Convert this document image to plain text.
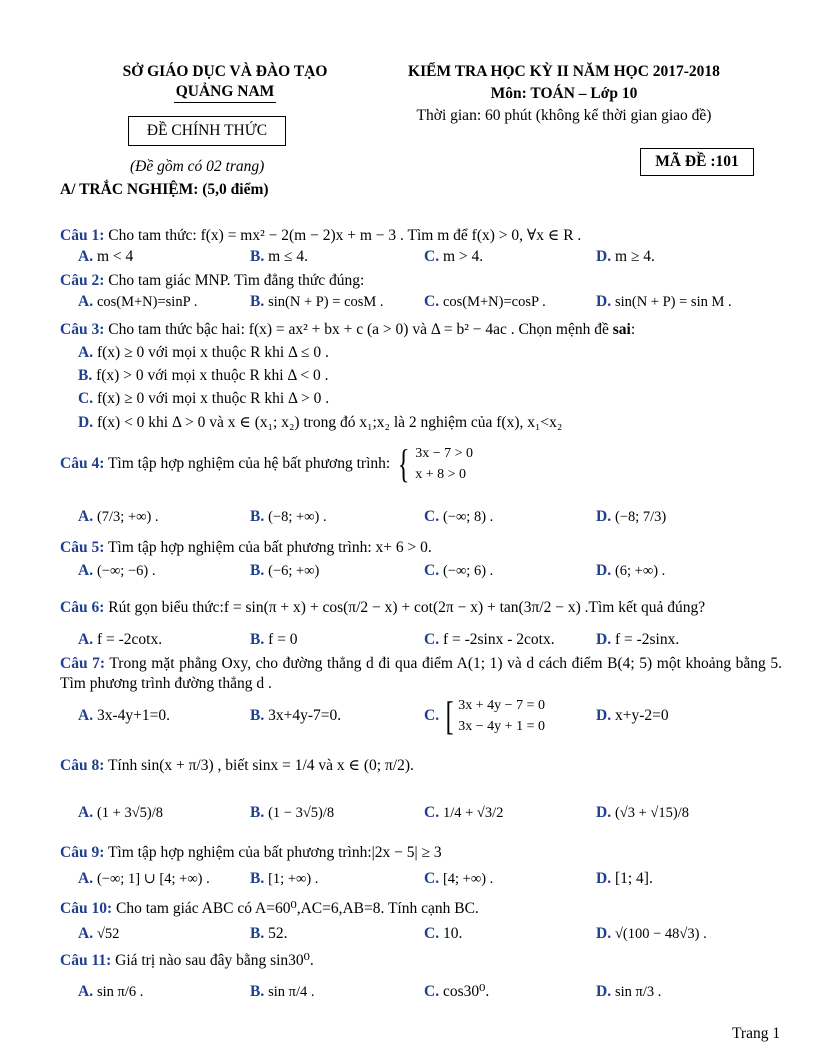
SỞ GIÁO DỤC VÀ ĐÀO TẠO
QUẢNG NAM
KIỂM TRA HỌC KỲ II NĂM HỌC 2017-2018
Môn: TOÁN – Lớp 10
Thời gian: 60 phút (không kể thời gian giao đề)
ĐỀ CHÍNH THỨC
(Đề gồm có 02 trang)	MÃ ĐỀ :101
A/ TRẮC NGHIỆM: (5,0 điểm)
Câu 1: Cho tam thức: f(x) = mx² − 2(m − 2)x + m − 3 . Tìm m để f(x) > 0, ∀x ∈ R .
A. m < 4	B. m ≤ 4.	C. m > 4.	D. m ≥ 4.
Câu 2: Cho tam giác MNP. Tìm đẳng thức đúng:
A. cos(M+N)=sinP .	B. sin(N + P) = cosM .	C. cos(M+N)=cosP .	D. sin(N + P) = sin M .
Câu 3: Cho tam thức bậc hai: f(x) = ax² + bx + c (a > 0) và Δ = b² − 4ac . Chọn mệnh đề sai:
A. f(x) ≥ 0 với mọi x thuộc R khi Δ ≤ 0 .
B. f(x) > 0 với mọi x thuộc R khi Δ < 0 .
C. f(x) ≥ 0 với mọi x thuộc R khi Δ > 0 .
D. f(x) < 0 khi Δ > 0 và x ∈ (x₁; x₂) trong đó x₁;x₂ là 2 nghiệm của f(x), x₁<x₂
Câu 4: Tìm tập hợp nghiệm của hệ bất phương trình: { 3x − 7 > 0
x + 8 > 0
A. (7/3; +∞) .	B. (−8; +∞) .	C. (−∞; 8) .	D. (−8; 7/3)
Câu 5: Tìm tập hợp nghiệm của bất phương trình: x+ 6 > 0.
A. (−∞; −6) .	B. (−6; +∞)	C. (−∞; 6) .	D. (6; +∞) .
Câu 6: Rút gọn biểu thức:f = sin(π + x) + cos(π/2 − x) + cot(2π − x) + tan(3π/2 − x) .Tìm kết quả đúng?
A. f = -2cotx.	B. f = 0	C. f = -2sinx - 2cotx.	D. f = -2sinx.
Câu 7: Trong mặt phẳng Oxy, cho đường thẳng d đi qua điểm A(1; 1) và d cách điểm B(4; 5) một khoảng bằng 5. Tìm phương trình đường thẳng d .
A. 3x-4y+1=0.	B. 3x+4y-7=0.	C. [ 3x + 4y − 7 = 0
3x − 4y + 1 = 0
D. x+y-2=0
Câu 8: Tính sin(x + π/3) , biết sinx = 1/4 và x ∈ (0; π/2).
A. (1 + 3√5)/8	B. (1 − 3√5)/8	C. 1/4 + √3/2	D. (√3 + √15)/8
Câu 9: Tìm tập hợp nghiệm của bất phương trình:|2x − 5| ≥ 3
A. (−∞; 1] ∪ [4; +∞) .	B. [1; +∞) .	C. [4; +∞) .	D. [1; 4].
Câu 10: Cho tam giác ABC có A=60⁰,AC=6,AB=8. Tính cạnh BC.
A. √52	B. 52.	C. 10.	D. √(100 − 48√3) .
Câu 11: Giá trị nào sau đây bằng sin30⁰.
A. sin π/6 .	B. sin π/4 .	C. cos30⁰.	D. sin π/3 .
Trang 1
